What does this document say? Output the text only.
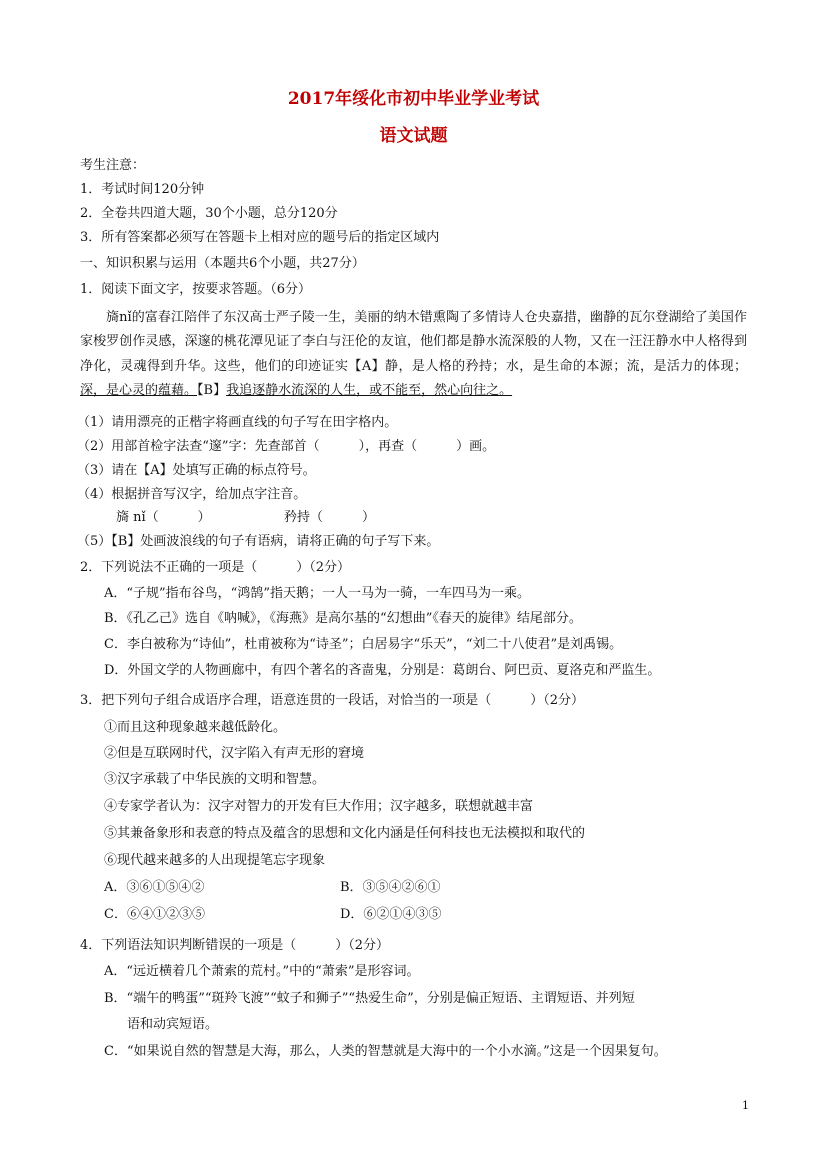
2017年绥化市初中毕业学业考试
语文试题
考生注意：
1．考试时间120分钟
2．全卷共四道大题，30个小题，总分120分
3．所有答案都必须写在答题卡上相对应的题号后的指定区域内
一、知识积累与运用（本题共6个小题，共27分）
1．阅读下面文字，按要求答题。（6分）
旖nǐ的富春江陪伴了东汉高士严子陵一生，美丽的纳木错熏陶了多情诗人仓央嘉措，幽静的瓦尔登湖给了美国作家梭罗创作灵感，深邃的桃花潭见证了李白与汪伦的友谊，他们都是静水流深般的人物，又在一汪汪静水中人格得到净化，灵魂得到升华。这些，他们的印迹证实【A】静，是人格的矜持；水，是生命的本源；流，是活力的体现；深，是心灵的蕴藉。【B】我追逐静水流深的人生，或不能至，然心向往之。
（1）请用漂亮的正楷字将画直线的句子写在田字格内。
（2）用部首检字法查“邃”字：先查部首（　　　），再查（　　　）画。
（3）请在【A】处填写正确的标点符号。
（4）根据拼音写汉字，给加点字注音。
旖 nǐ（　　　）	矜持（　　　）
（5）【B】处画波浪线的句子有语病，请将正确的句子写下来。
2．下列说法不正确的一项是（　　　）（2分）
A．“子规”指布谷鸟，“鸿鹄”指天鹅；一人一马为一骑，一车四马为一乘。
B．《孔乙己》选自《呐喊》，《海燕》是高尔基的“幻想曲”《春天的旋律》结尾部分。
C．李白被称为“诗仙”，杜甫被称为“诗圣”；白居易字“乐天”，“刘二十八使君”是刘禹锡。
D．外国文学的人物画廊中，有四个著名的吝啬鬼，分别是：葛朗台、阿巴贡、夏洛克和严监生。
3．把下列句子组合成语序合理，语意连贯的一段话，对恰当的一项是（　　　）（2分）
①而且这种现象越来越低龄化。
②但是互联网时代，汉字陷入有声无形的窘境
③汉字承载了中华民族的文明和智慧。
④专家学者认为：汉字对智力的开发有巨大作用；汉字越多，联想就越丰富
⑤其兼备象形和表意的特点及蕴含的思想和文化内涵是任何科技也无法模拟和取代的
⑥现代越来越多的人出现提笔忘字现象
A．③⑥①⑤④②	B．③⑤④②⑥①
C．⑥④①②③⑤	D．⑥②①④③⑤
4．下列语法知识判断错误的一项是（　　　）（2分）
A．“远近横着几个萧索的荒村。”中的“萧索”是形容词。
B．“端午的鸭蛋”“斑羚飞渡”“蚊子和狮子”“热爱生命”，分别是偏正短语、主谓短语、并列短
语和动宾短语。
C．“如果说自然的智慧是大海，那么，人类的智慧就是大海中的一个小水滴。”这是一个因果复句。
1
